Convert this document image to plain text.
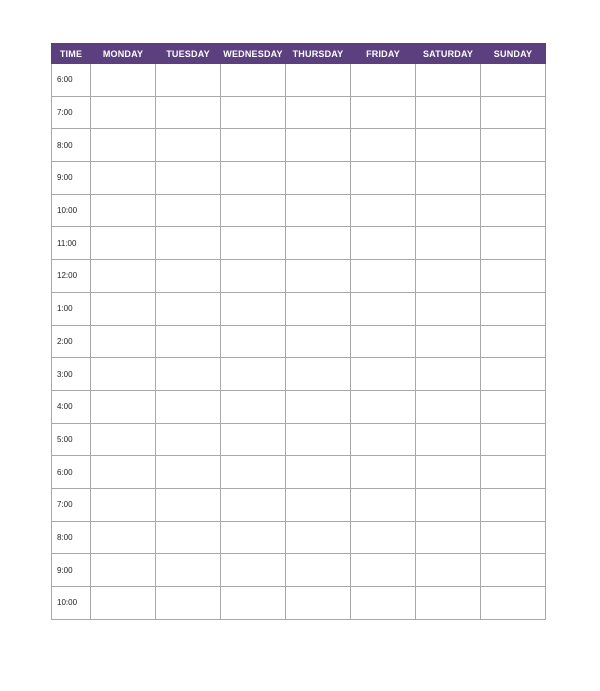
TIME	MONDAY	TUESDAY	WEDNESDAY	THURSDAY	FRIDAY	SATURDAY	SUNDAY
6:00							
7:00							
8:00							
9:00							
10:00							
11:00							
12:00							
1:00							
2:00							
3:00							
4:00							
5:00							
6:00							
7:00							
8:00							
9:00							
10:00							
